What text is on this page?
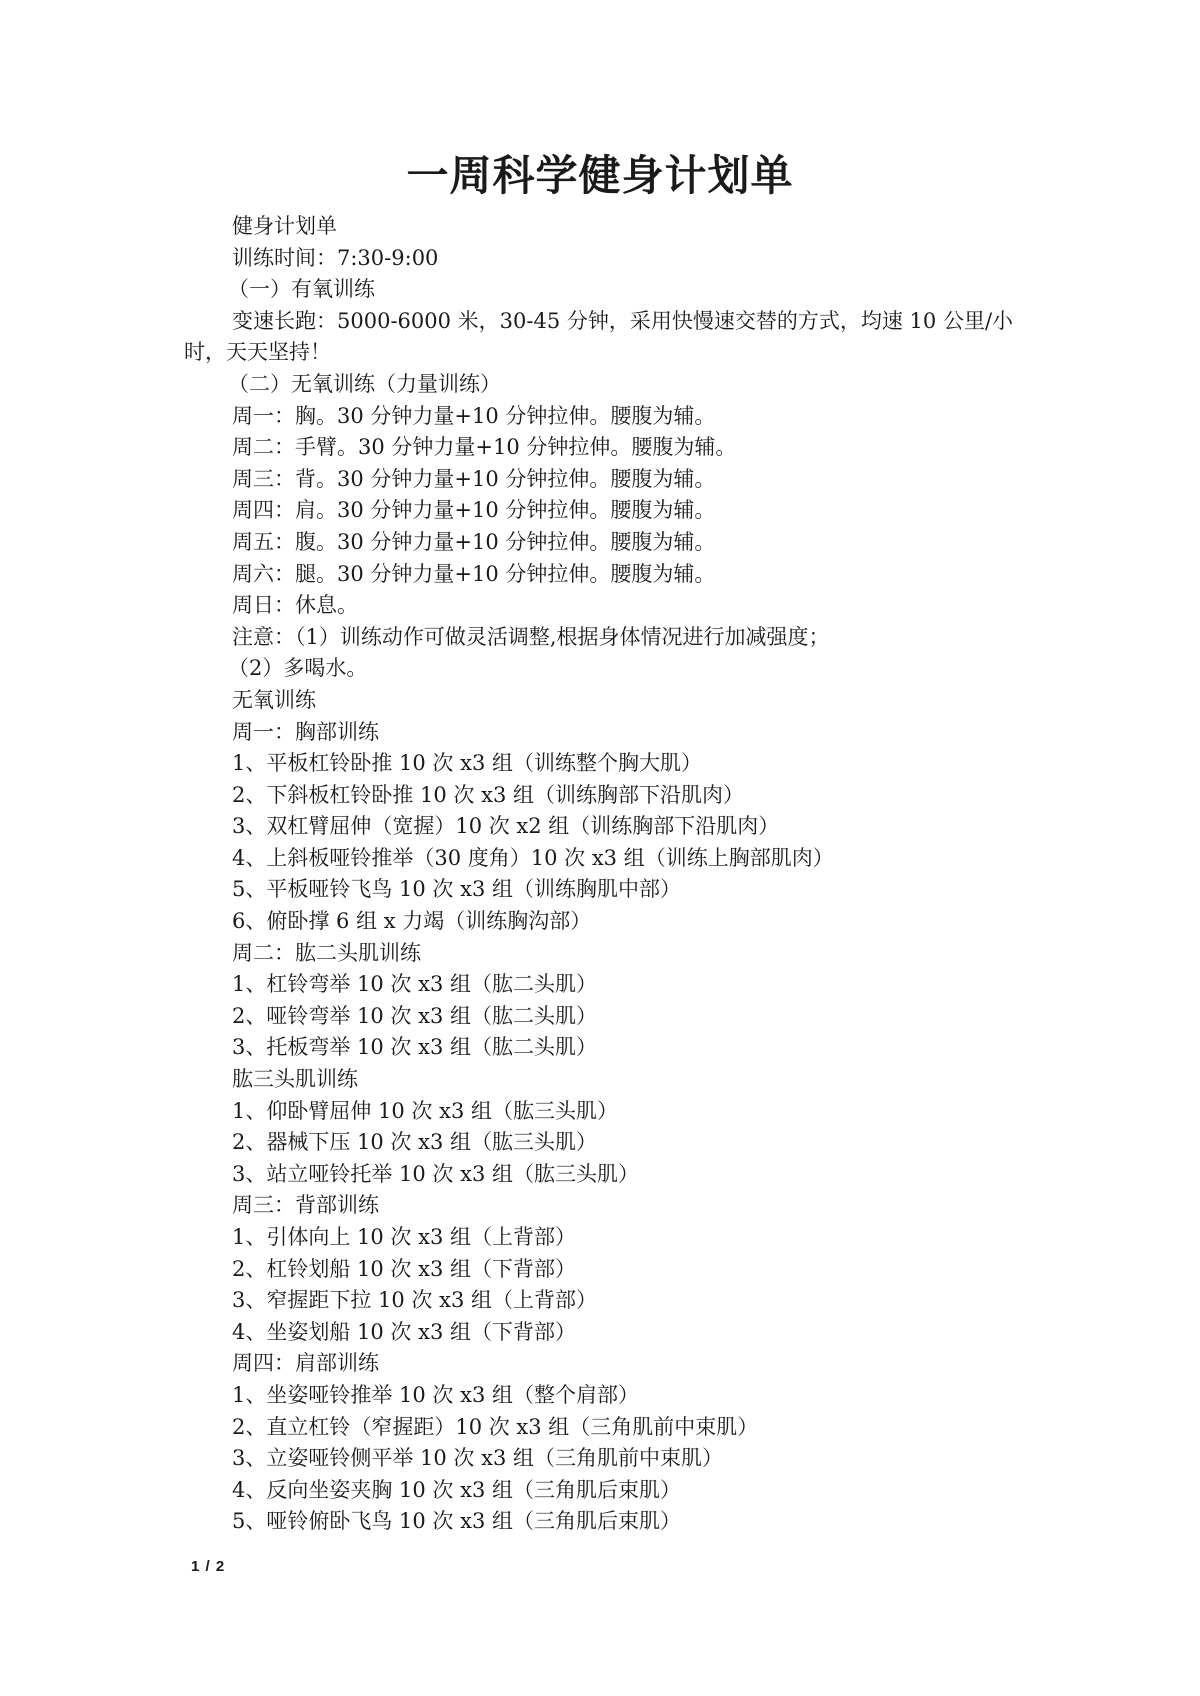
一周科学健身计划单

健身计划单

训练时间：7:30-9:00

（一）有氧训练

变速长跑：5000-6000 米，30-45 分钟，采用快慢速交替的方式，均速 10 公里/小时，天天坚持！

（二）无氧训练（力量训练）

周一：胸。30 分钟力量+10 分钟拉伸。腰腹为辅。

周二：手臂。30 分钟力量+10 分钟拉伸。腰腹为辅。

周三：背。30 分钟力量+10 分钟拉伸。腰腹为辅。

周四：肩。30 分钟力量+10 分钟拉伸。腰腹为辅。

周五：腹。30 分钟力量+10 分钟拉伸。腰腹为辅。

周六：腿。30 分钟力量+10 分钟拉伸。腰腹为辅。

周日：休息。

注意：（1）训练动作可做灵活调整,根据身体情况进行加减强度；

（2）多喝水。

无氧训练

周一：胸部训练

1、平板杠铃卧推 10 次 x3 组（训练整个胸大肌）

2、下斜板杠铃卧推 10 次 x3 组（训练胸部下沿肌肉）

3、双杠臂屈伸（宽握）10 次 x2 组（训练胸部下沿肌肉）

4、上斜板哑铃推举（30 度角）10 次 x3 组（训练上胸部肌肉）

5、平板哑铃飞鸟 10 次 x3 组（训练胸肌中部）

6、俯卧撑 6 组 x 力竭（训练胸沟部）

周二：肱二头肌训练

1、杠铃弯举 10 次 x3 组（肱二头肌）

2、哑铃弯举 10 次 x3 组（肱二头肌）

3、托板弯举 10 次 x3 组（肱二头肌）

肱三头肌训练

1、仰卧臂屈伸 10 次 x3 组（肱三头肌）

2、器械下压 10 次 x3 组（肱三头肌）

3、站立哑铃托举 10 次 x3 组（肱三头肌）

周三：背部训练

1、引体向上 10 次 x3 组（上背部）

2、杠铃划船 10 次 x3 组（下背部）

3、窄握距下拉 10 次 x3 组（上背部）

4、坐姿划船 10 次 x3 组（下背部）

周四：肩部训练

1、坐姿哑铃推举 10 次 x3 组（整个肩部）

2、直立杠铃（窄握距）10 次 x3 组（三角肌前中束肌）

3、立姿哑铃侧平举 10 次 x3 组（三角肌前中束肌）

4、反向坐姿夹胸 10 次 x3 组（三角肌后束肌）

5、哑铃俯卧飞鸟 10 次 x3 组（三角肌后束肌）

1 / 2
